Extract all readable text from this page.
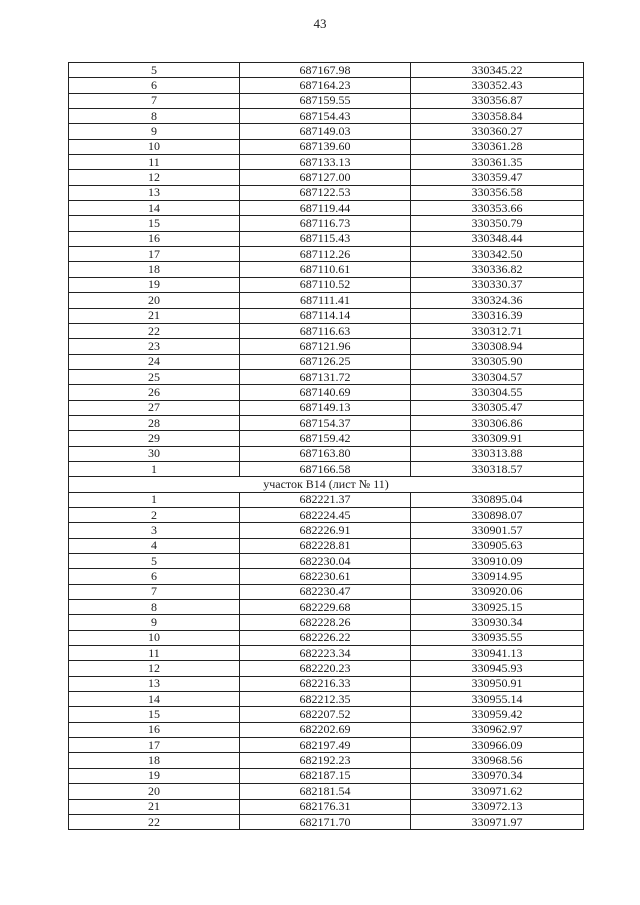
43
5	687167.98	330345.22
6	687164.23	330352.43
7	687159.55	330356.87
8	687154.43	330358.84
9	687149.03	330360.27
10	687139.60	330361.28
11	687133.13	330361.35
12	687127.00	330359.47
13	687122.53	330356.58
14	687119.44	330353.66
15	687116.73	330350.79
16	687115.43	330348.44
17	687112.26	330342.50
18	687110.61	330336.82
19	687110.52	330330.37
20	687111.41	330324.36
21	687114.14	330316.39
22	687116.63	330312.71
23	687121.96	330308.94
24	687126.25	330305.90
25	687131.72	330304.57
26	687140.69	330304.55
27	687149.13	330305.47
28	687154.37	330306.86
29	687159.42	330309.91
30	687163.80	330313.88
1	687166.58	330318.57
участок B14 (лист № 11)		
1	682221.37	330895.04
2	682224.45	330898.07
3	682226.91	330901.57
4	682228.81	330905.63
5	682230.04	330910.09
6	682230.61	330914.95
7	682230.47	330920.06
8	682229.68	330925.15
9	682228.26	330930.34
10	682226.22	330935.55
11	682223.34	330941.13
12	682220.23	330945.93
13	682216.33	330950.91
14	682212.35	330955.14
15	682207.52	330959.42
16	682202.69	330962.97
17	682197.49	330966.09
18	682192.23	330968.56
19	682187.15	330970.34
20	682181.54	330971.62
21	682176.31	330972.13
22	682171.70	330971.97
